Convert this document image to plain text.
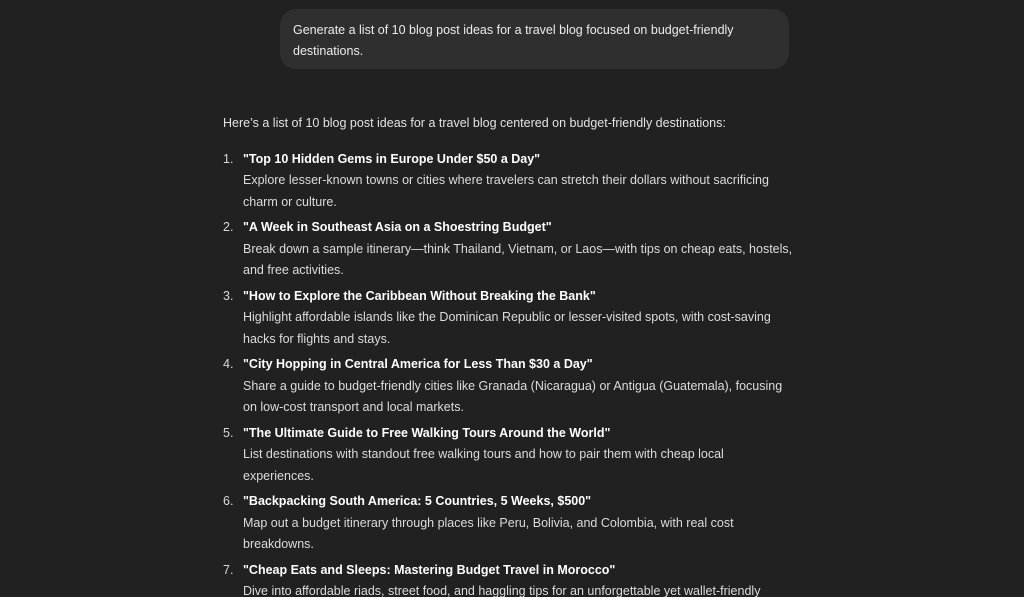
Generate a list of 10 blog post ideas for a travel blog focused on budget-friendly destinations.

Here’s a list of 10 blog post ideas for a travel blog centered on budget-friendly destinations:

1. "Top 10 Hidden Gems in Europe Under $50 a Day"
Explore lesser-known towns or cities where travelers can stretch their dollars without sacrificing charm or culture.
2. "A Week in Southeast Asia on a Shoestring Budget"
Break down a sample itinerary—think Thailand, Vietnam, or Laos—with tips on cheap eats, hostels, and free activities.
3. "How to Explore the Caribbean Without Breaking the Bank"
Highlight affordable islands like the Dominican Republic or lesser-visited spots, with cost-saving hacks for flights and stays.
4. "City Hopping in Central America for Less Than $30 a Day"
Share a guide to budget-friendly cities like Granada (Nicaragua) or Antigua (Guatemala), focusing on low-cost transport and local markets.
5. "The Ultimate Guide to Free Walking Tours Around the World"
List destinations with standout free walking tours and how to pair them with cheap local experiences.
6. "Backpacking South America: 5 Countries, 5 Weeks, $500"
Map out a budget itinerary through places like Peru, Bolivia, and Colombia, with real cost breakdowns.
7. "Cheap Eats and Sleeps: Mastering Budget Travel in Morocco"
Dive into affordable riads, street food, and haggling tips for an unforgettable yet wallet-friendly
